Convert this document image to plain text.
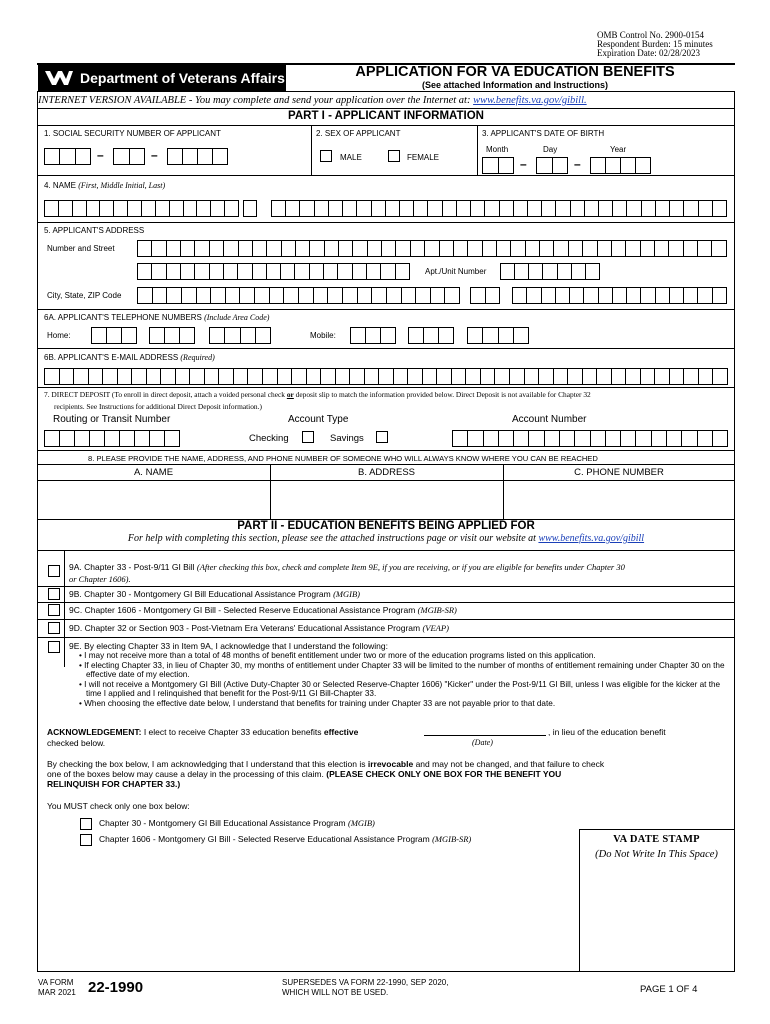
OMB Control No. 2900-0154
Respondent Burden: 15 minutes
Expiration Date: 02/28/2023
Department of Veterans Affairs	APPLICATION FOR VA EDUCATION BENEFITS
(See attached Information and Instructions)
INTERNET VERSION AVAILABLE - You may complete and send your application over the Internet at: www.benefits.va.gov/gibill.
PART I - APPLICANT INFORMATION
1. SOCIAL SECURITY NUMBER OF APPLICANT	2. SEX OF APPLICANT	3. APPLICANT'S DATE OF BIRTH
–	–	MALE	FEMALE
Month	Day	Year
–	–
4. NAME (First, Middle Initial, Last)
5. APPLICANT'S ADDRESS
Number and Street
Apt./Unit Number
City, State, ZIP Code
6A. APPLICANT'S TELEPHONE NUMBERS (Include Area Code)
Home:	Mobile:
6B. APPLICANT'S E-MAIL ADDRESS (Required)
7. DIRECT DEPOSIT (To enroll in direct deposit, attach a voided personal check or deposit slip to match the information provided below. Direct Deposit is not available for Chapter 32
recipients. See Instructions for additional Direct Deposit information.)
Routing or Transit Number	Account Type	Account Number
Checking	Savings
8. PLEASE PROVIDE THE NAME, ADDRESS, AND PHONE NUMBER OF SOMEONE WHO WILL ALWAYS KNOW WHERE YOU CAN BE REACHED
A. NAME	B. ADDRESS	C. PHONE NUMBER
PART II - EDUCATION BENEFITS BEING APPLIED FOR
For help with completing this section, please see the attached instructions page or visit our website at www.benefits.va.gov/gibill
9A. Chapter 33 - Post-9/11 GI Bill (After checking this box, check and complete Item 9E, if you are receiving, or if you are eligible for benefits under Chapter 30
or Chapter 1606).
9B. Chapter 30 - Montgomery GI Bill Educational Assistance Program (MGIB)
9C. Chapter 1606 - Montgomery GI Bill - Selected Reserve Educational Assistance Program (MGIB-SR)
9D. Chapter 32 or Section 903 - Post-Vietnam Era Veterans' Educational Assistance Program (VEAP)
9E. By electing Chapter 33 in Item 9A, I acknowledge that I understand the following:
• I may not receive more than a total of 48 months of benefit entitlement under two or more of the education programs listed on this application.
• If electing Chapter 33, in lieu of Chapter 30, my months of entitlement under Chapter 33 will be limited to the number of months of entitlement remaining under Chapter 30 on the effective date of my election.
• I will not receive a Montgomery GI Bill (Active Duty-Chapter 30 or Selected Reserve-Chapter 1606) "Kicker" under the Post-9/11 GI Bill, unless I was eligible for the kicker at the time I applied and I relinquished that benefit for the Post-9/11 GI Bill-Chapter 33.
• When choosing the effective date below, I understand that benefits for training under Chapter 33 are not payable prior to that date.
ACKNOWLEDGEMENT: I elect to receive Chapter 33 education benefits effective	, in lieu of the education benefit
checked below.	(Date)
By checking the box below, I am acknowledging that I understand that this election is irrevocable and may not be changed, and that failure to check
one of the boxes below may cause a delay in the processing of this claim. (PLEASE CHECK ONLY ONE BOX FOR THE BENEFIT YOU
RELINQUISH FOR CHAPTER 33.)
You MUST check only one box below:
Chapter 30 - Montgomery GI Bill Educational Assistance Program (MGIB)
Chapter 1606 - Montgomery GI Bill - Selected Reserve Educational Assistance Program (MGIB-SR)	VA DATE STAMP
(Do Not Write In This Space)
VA FORM
MAR 2021 22-1990	SUPERSEDES VA FORM 22-1990, SEP 2020,
WHICH WILL NOT BE USED.	PAGE 1 OF 4
